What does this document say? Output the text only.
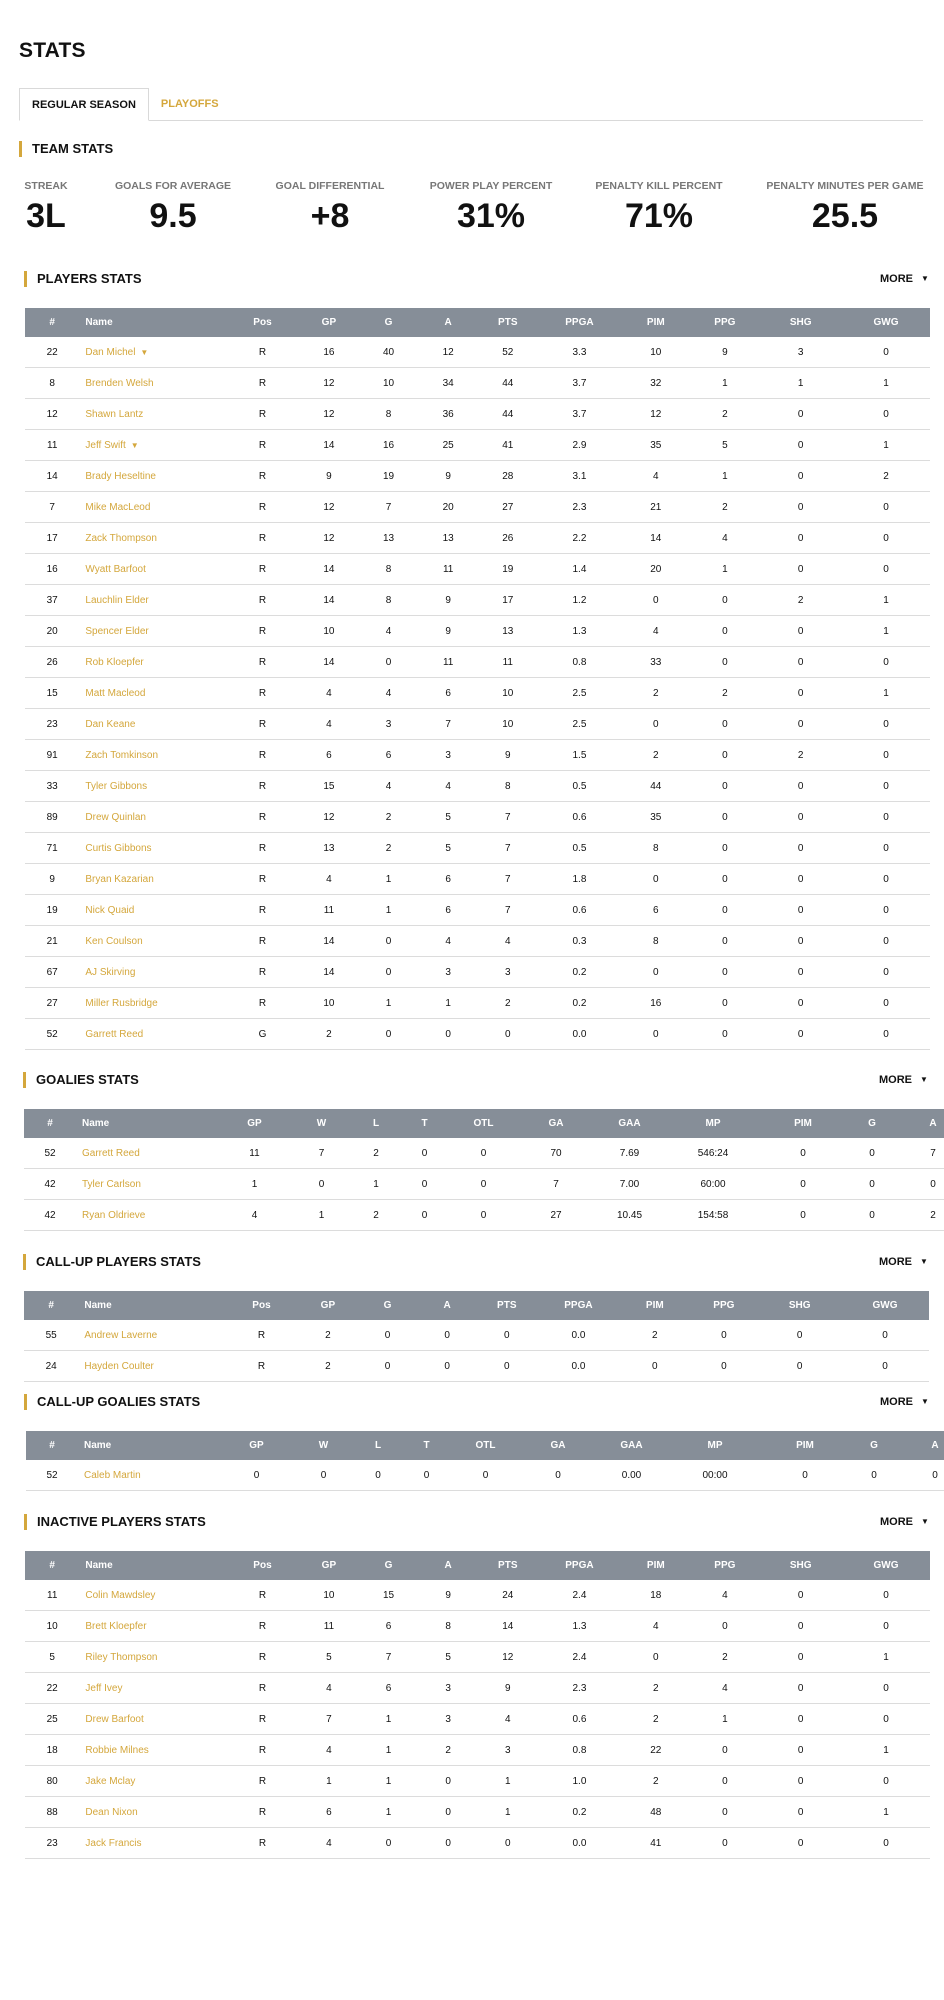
STATS
REGULAR SEASON PLAYOFFS
TEAM STATS
STREAK
3L
GOALS FOR AVERAGE
9.5
GOAL DIFFERENTIAL
+8
POWER PLAY PERCENT
31%
PENALTY KILL PERCENT
71%
PENALTY MINUTES PER GAME
25.5
PLAYERS STATS	MORE ▼
#	Name	Pos	GP	G	A	PTS	PPGA	PIM	PPG	SHG	GWG
22	Dan Michel ▼	R	16	40	12	52	3.3	10	9	3	0
8	Brenden Welsh	R	12	10	34	44	3.7	32	1	1	1
12	Shawn Lantz	R	12	8	36	44	3.7	12	2	0	0
11	Jeff Swift ▼	R	14	16	25	41	2.9	35	5	0	1
14	Brady Heseltine	R	9	19	9	28	3.1	4	1	0	2
7	Mike MacLeod	R	12	7	20	27	2.3	21	2	0	0
17	Zack Thompson	R	12	13	13	26	2.2	14	4	0	0
16	Wyatt Barfoot	R	14	8	11	19	1.4	20	1	0	0
37	Lauchlin Elder	R	14	8	9	17	1.2	0	0	2	1
20	Spencer Elder	R	10	4	9	13	1.3	4	0	0	1
26	Rob Kloepfer	R	14	0	11	11	0.8	33	0	0	0
15	Matt Macleod	R	4	4	6	10	2.5	2	2	0	1
23	Dan Keane	R	4	3	7	10	2.5	0	0	0	0
91	Zach Tomkinson	R	6	6	3	9	1.5	2	0	2	0
33	Tyler Gibbons	R	15	4	4	8	0.5	44	0	0	0
89	Drew Quinlan	R	12	2	5	7	0.6	35	0	0	0
71	Curtis Gibbons	R	13	2	5	7	0.5	8	0	0	0
9	Bryan Kazarian	R	4	1	6	7	1.8	0	0	0	0
19	Nick Quaid	R	11	1	6	7	0.6	6	0	0	0
21	Ken Coulson	R	14	0	4	4	0.3	8	0	0	0
67	AJ Skirving	R	14	0	3	3	0.2	0	0	0	0
27	Miller Rusbridge	R	10	1	1	2	0.2	16	0	0	0
52	Garrett Reed	G	2	0	0	0	0.0	0	0	0	0
GOALIES STATS	MORE ▼
#	Name	GP	W	L	T	OTL	GA	GAA	MP	PIM	G	A
52	Garrett Reed	11	7	2	0	0	70	7.69	546:24	0	0	7
42	Tyler Carlson	1	0	1	0	0	7	7.00	60:00	0	0	0
42	Ryan Oldrieve	4	1	2	0	0	27	10.45	154:58	0	0	2
CALL-UP PLAYERS STATS	MORE ▼
#	Name	Pos	GP	G	A	PTS	PPGA	PIM	PPG	SHG	GWG
55	Andrew Laverne	R	2	0	0	0	0.0	2	0	0	0
24	Hayden Coulter	R	2	0	0	0	0.0	0	0	0	0
CALL-UP GOALIES STATS	MORE ▼
#	Name	GP	W	L	T	OTL	GA	GAA	MP	PIM	G	A
52	Caleb Martin	0	0	0	0	0	0	0.00	00:00	0	0	0
INACTIVE PLAYERS STATS	MORE ▼
#	Name	Pos	GP	G	A	PTS	PPGA	PIM	PPG	SHG	GWG
11	Colin Mawdsley	R	10	15	9	24	2.4	18	4	0	0
10	Brett Kloepfer	R	11	6	8	14	1.3	4	0	0	0
5	Riley Thompson	R	5	7	5	12	2.4	0	2	0	1
22	Jeff Ivey	R	4	6	3	9	2.3	2	4	0	0
25	Drew Barfoot	R	7	1	3	4	0.6	2	1	0	0
18	Robbie Milnes	R	4	1	2	3	0.8	22	0	0	1
80	Jake Mclay	R	1	1	0	1	1.0	2	0	0	0
88	Dean Nixon	R	6	1	0	1	0.2	48	0	0	1
23	Jack Francis	R	4	0	0	0	0.0	41	0	0	0
